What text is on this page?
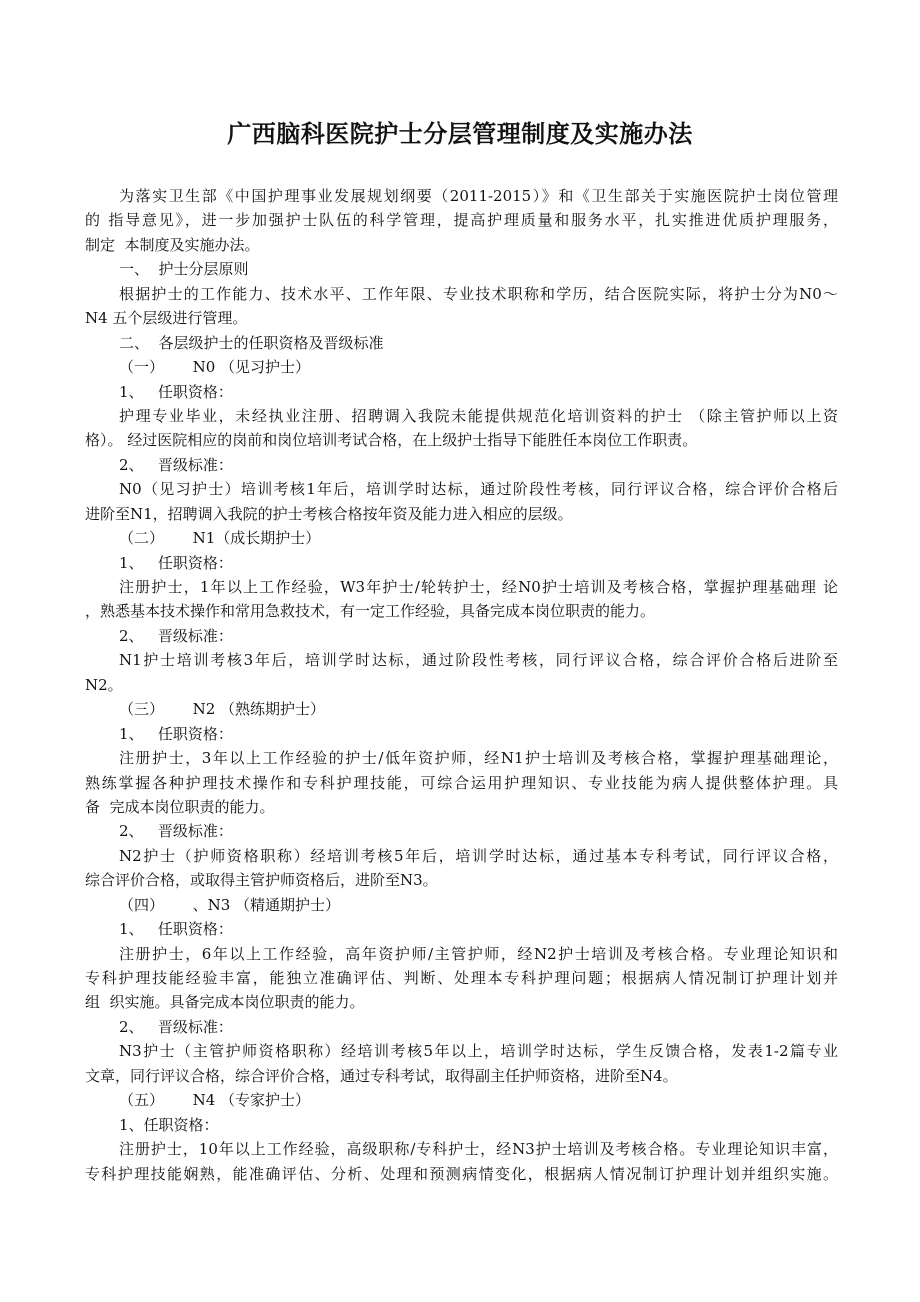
广西脑科医院护士分层管理制度及实施办法
为落实卫生部《中国护理事业发展规划纲要（2011-2015）》和《卫生部关于实施医院护士岗位管理
的 指导意见》，进一步加强护士队伍的科学管理，提高护理质量和服务水平，扎实推进优质护理服务，
制定  本制度及实施办法。
一、  护士分层原则
根据护士的工作能力、技术水平、工作年限、专业技术职称和学历，结合医院实际，将护士分为N0～
N4 五个层级进行管理。
二、  各层级护士的任职资格及晋级标准
（一）      N0 （见习护士）
1、   任职资格：
护理专业毕业，未经执业注册、招聘调入我院未能提供规范化培训资料的护士 （除主管护师以上资
格）。 经过医院相应的岗前和岗位培训考试合格，在上级护士指导下能胜任本岗位工作职责。
2、   晋级标准：
N0（见习护士）培训考核1年后，培训学时达标，通过阶段性考核，同行评议合格，综合评价合格后
进阶至N1，招聘调入我院的护士考核合格按年资及能力进入相应的层级。
（二）      N1（成长期护士）
1、   任职资格：
注册护士，1年以上工作经验，W3年护士/轮转护士，经N0护士培训及考核合格，掌握护理基础理 论
，熟悉基本技术操作和常用急救技术，有一定工作经验，具备完成本岗位职责的能力。
2、   晋级标准：
N1护士培训考核3年后，培训学时达标，通过阶段性考核，同行评议合格，综合评价合格后进阶至
N2。
（三）      N2 （熟练期护士）
1、   任职资格：
注册护士，3年以上工作经验的护士/低年资护师，经N1护士培训及考核合格，掌握护理基础理论，
熟练掌握各种护理技术操作和专科护理技能，可综合运用护理知识、专业技能为病人提供整体护理。具
备  完成本岗位职责的能力。
2、   晋级标准：
N2护士（护师资格职称）经培训考核5年后，培训学时达标，通过基本专科考试，同行评议合格，
综合评价合格，或取得主管护师资格后，进阶至N3。
（四）      、N3 （精通期护士）
1、   任职资格：
注册护士，6年以上工作经验，高年资护师/主管护师，经N2护士培训及考核合格。专业理论知识和
专科护理技能经验丰富，能独立准确评估、判断、处理本专科护理问题；根据病人情况制订护理计划并
组  织实施。具备完成本岗位职责的能力。
2、   晋级标准：
N3护士（主管护师资格职称）经培训考核5年以上，培训学时达标，学生反馈合格，发表1-2篇专业
文章，同行评议合格，综合评价合格，通过专科考试，取得副主任护师资格，进阶至N4。
（五）      N4 （专家护士）
1、任职资格：
注册护士，10年以上工作经验，高级职称/专科护士，经N3护士培训及考核合格。专业理论知识丰富，
专科护理技能娴熟，能准确评估、分析、处理和预测病情变化，根据病人情况制订护理计划并组织实施。
